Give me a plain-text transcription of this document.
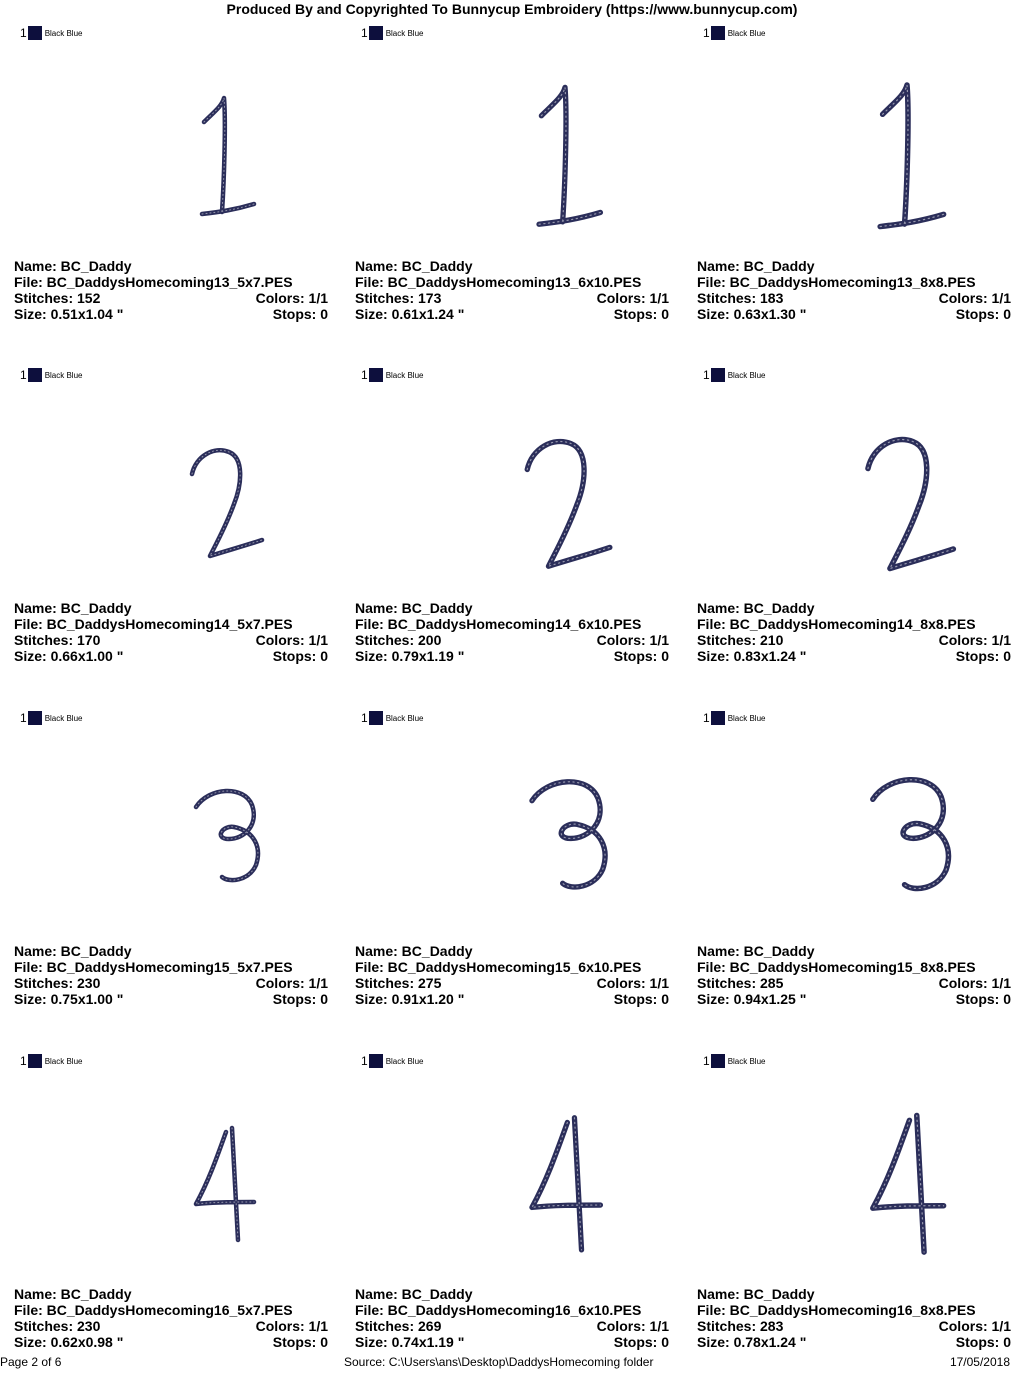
Produced By and Copyrighted To Bunnycup Embroidery (https://www.bunnycup.com)
1 Black Blue
Name: BC_Daddy
File: BC_DaddysHomecoming13_5x7.PES
Stitches: 152	Colors: 1/1
Size: 0.51x1.04 "	Stops: 0
1 Black Blue
Name: BC_Daddy
File: BC_DaddysHomecoming13_6x10.PES
Stitches: 173	Colors: 1/1
Size: 0.61x1.24 "	Stops: 0
1 Black Blue
Name: BC_Daddy
File: BC_DaddysHomecoming13_8x8.PES
Stitches: 183	Colors: 1/1
Size: 0.63x1.30 "	Stops: 0
1 Black Blue
Name: BC_Daddy
File: BC_DaddysHomecoming14_5x7.PES
Stitches: 170	Colors: 1/1
Size: 0.66x1.00 "	Stops: 0
1 Black Blue
Name: BC_Daddy
File: BC_DaddysHomecoming14_6x10.PES
Stitches: 200	Colors: 1/1
Size: 0.79x1.19 "	Stops: 0
1 Black Blue
Name: BC_Daddy
File: BC_DaddysHomecoming14_8x8.PES
Stitches: 210	Colors: 1/1
Size: 0.83x1.24 "	Stops: 0
1 Black Blue
Name: BC_Daddy
File: BC_DaddysHomecoming15_5x7.PES
Stitches: 230	Colors: 1/1
Size: 0.75x1.00 "	Stops: 0
1 Black Blue
Name: BC_Daddy
File: BC_DaddysHomecoming15_6x10.PES
Stitches: 275	Colors: 1/1
Size: 0.91x1.20 "	Stops: 0
1 Black Blue
Name: BC_Daddy
File: BC_DaddysHomecoming15_8x8.PES
Stitches: 285	Colors: 1/1
Size: 0.94x1.25 "	Stops: 0
1 Black Blue
Name: BC_Daddy
File: BC_DaddysHomecoming16_5x7.PES
Stitches: 230	Colors: 1/1
Size: 0.62x0.98 "	Stops: 0
1 Black Blue
Name: BC_Daddy
File: BC_DaddysHomecoming16_6x10.PES
Stitches: 269	Colors: 1/1
Size: 0.74x1.19 "	Stops: 0
1 Black Blue
Name: BC_Daddy
File: BC_DaddysHomecoming16_8x8.PES
Stitches: 283	Colors: 1/1
Size: 0.78x1.24 "	Stops: 0
Page 2 of 6	Source: C:\Users\ans\Desktop\DaddysHomecoming folder	17/05/2018
